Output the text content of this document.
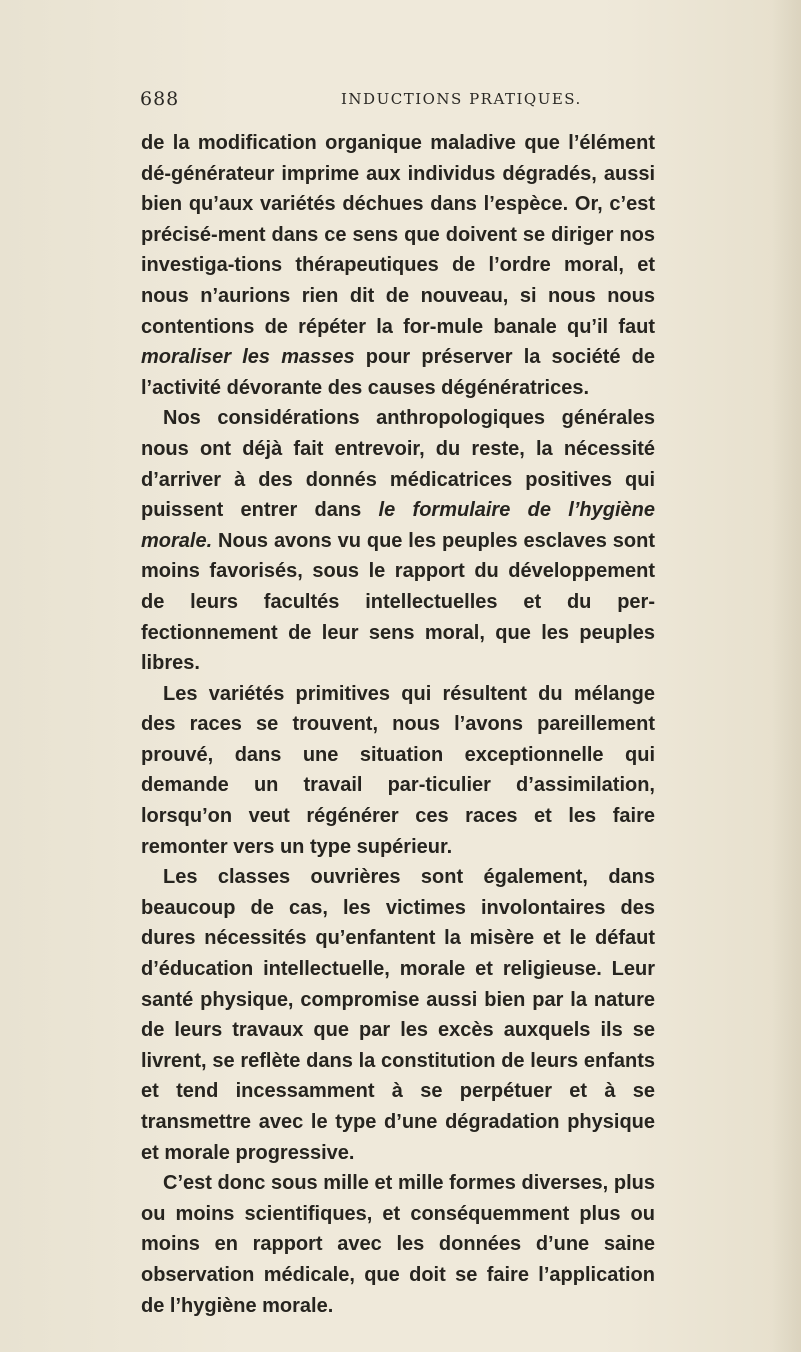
688	INDUCTIONS PRATIQUES.

de la modification organique maladive que l’élément dé-générateur imprime aux individus dégradés, aussi bien qu’aux variétés déchues dans l’espèce. Or, c’est précisé-ment dans ce sens que doivent se diriger nos investiga-tions thérapeutiques de l’ordre moral, et nous n’aurions rien dit de nouveau, si nous nous contentions de répéter la for-mule banale qu’il faut moraliser les masses pour préserver la société de l’activité dévorante des causes dégénératrices.

Nos considérations anthropologiques générales nous ont déjà fait entrevoir, du reste, la nécessité d’arriver à des donnés médicatrices positives qui puissent entrer dans le formulaire de l’hygiène morale. Nous avons vu que les peuples esclaves sont moins favorisés, sous le rapport du développement de leurs facultés intellectuelles et du per-fectionnement de leur sens moral, que les peuples libres.

Les variétés primitives qui résultent du mélange des races se trouvent, nous l’avons pareillement prouvé, dans une situation exceptionnelle qui demande un travail par-ticulier d’assimilation, lorsqu’on veut régénérer ces races et les faire remonter vers un type supérieur.

Les classes ouvrières sont également, dans beaucoup de cas, les victimes involontaires des dures nécessités qu’enfantent la misère et le défaut d’éducation intellectuelle, morale et religieuse. Leur santé physique, compromise aussi bien par la nature de leurs travaux que par les excès auxquels ils se livrent, se reflète dans la constitution de leurs enfants et tend incessamment à se perpétuer et à se transmettre avec le type d’une dégradation physique et morale progressive.

C’est donc sous mille et mille formes diverses, plus ou moins scientifiques, et conséquemment plus ou moins en rapport avec les données d’une saine observation médicale, que doit se faire l’application de l’hygiène morale.
